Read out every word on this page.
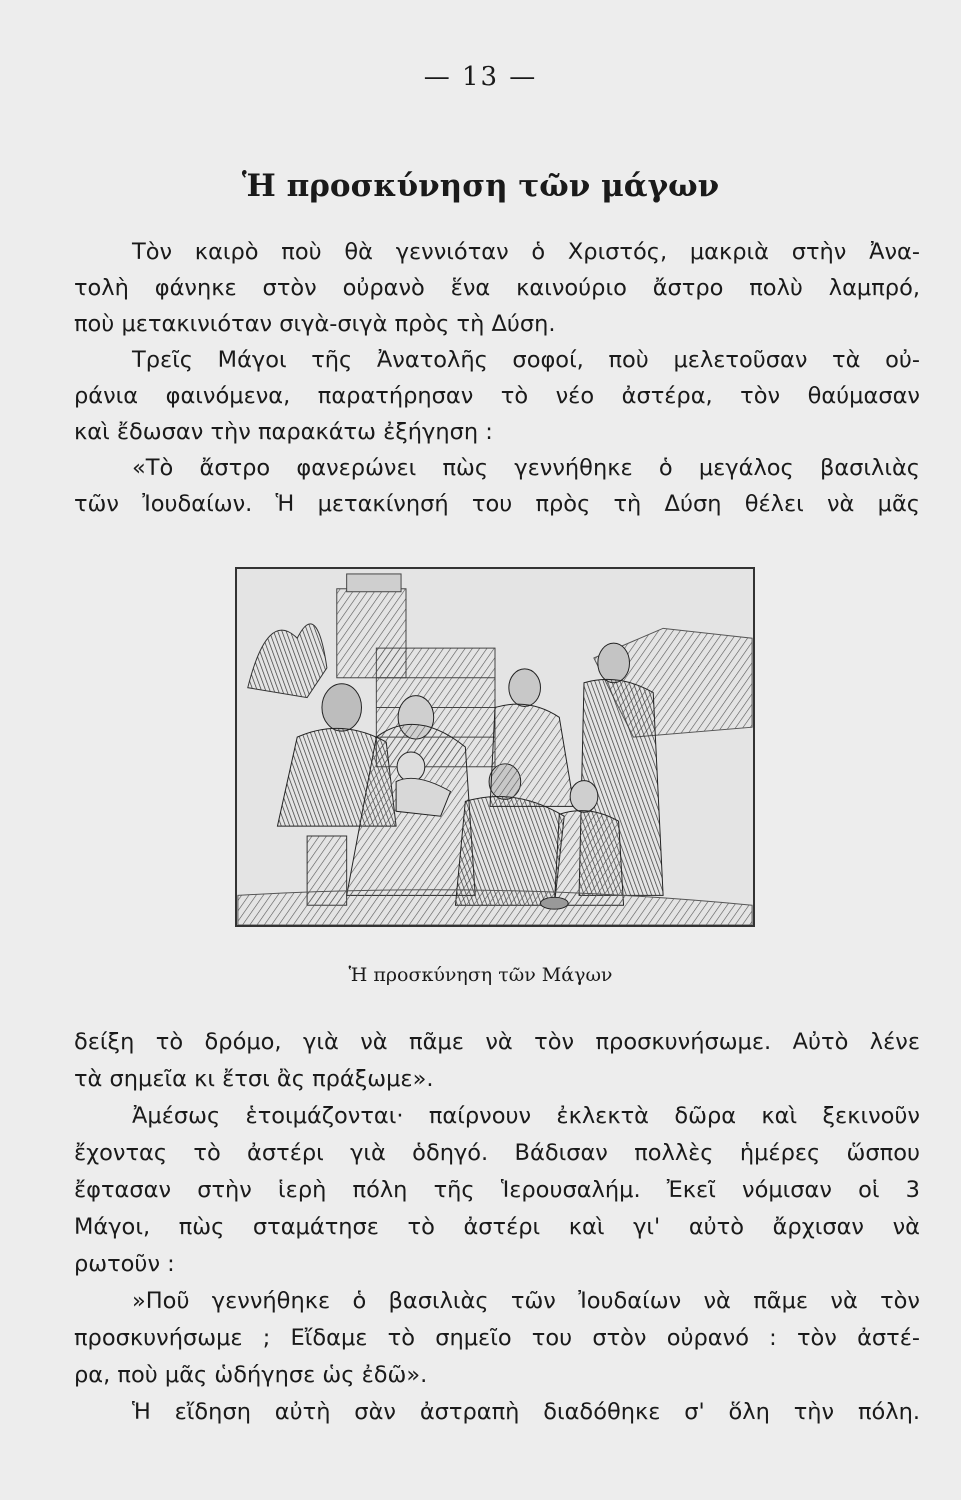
— 13 —
Ἡ προσκύνηση τῶν μάγων
Τὸν καιρὸ ποὺ θὰ γεννιόταν ὁ Χριστός, μακριὰ στὴν Ἀνα-
τολὴ φάνηκε στὸν οὐρανὸ ἕνα καινούριο ἄστρο πολὺ λαμπρό,
ποὺ μετακινιόταν σιγὰ-σιγὰ πρὸς τὴ Δύση.
Τρεῖς Μάγοι τῆς Ἀνατολῆς σοφοί, ποὺ μελετοῦσαν τὰ οὐ-
ράνια φαινόμενα, παρατήρησαν τὸ νέο ἀστέρα, τὸν θαύμασαν
καὶ ἔδωσαν τὴν παρακάτω ἐξήγηση :
«Τὸ ἄστρο φανερώνει πὼς γεννήθηκε ὁ μεγάλος βασιλιὰς
τῶν Ἰουδαίων. Ἡ μετακίνησή του πρὸς τὴ Δύση θέλει νὰ μᾶς
Ἡ προσκύνηση τῶν Μάγων
δείξη τὸ δρόμο, γιὰ νὰ πᾶμε νὰ τὸν προσκυνήσωμε. Αὐτὸ λένε
τὰ σημεῖα κι ἔτσι ἂς πράξωμε».
Ἀμέσως ἑτοιμάζονται· παίρνουν ἐκλεκτὰ δῶρα καὶ ξεκινοῦν
ἔχοντας τὸ ἀστέρι γιὰ ὁδηγό. Βάδισαν πολλὲς ἡμέρες ὥσπου
ἔφτασαν στὴν ἱερὴ πόλη τῆς Ἱερουσαλήμ. Ἐκεῖ νόμισαν οἱ 3
Μάγοι, πὼς σταμάτησε τὸ ἀστέρι καὶ γι' αὐτὸ ἄρχισαν νὰ
ρωτοῦν :
»Ποῦ γεννήθηκε ὁ βασιλιὰς τῶν Ἰουδαίων νὰ πᾶμε νὰ τὸν
προσκυνήσωμε ; Εἴδαμε τὸ σημεῖο του στὸν οὐρανό : τὸν ἀστέ-
ρα, ποὺ μᾶς ὡδήγησε ὡς ἐδῶ».
Ἡ εἴδηση αὐτὴ σὰν ἀστραπὴ διαδόθηκε σ' ὅλη τὴν πόλη.
